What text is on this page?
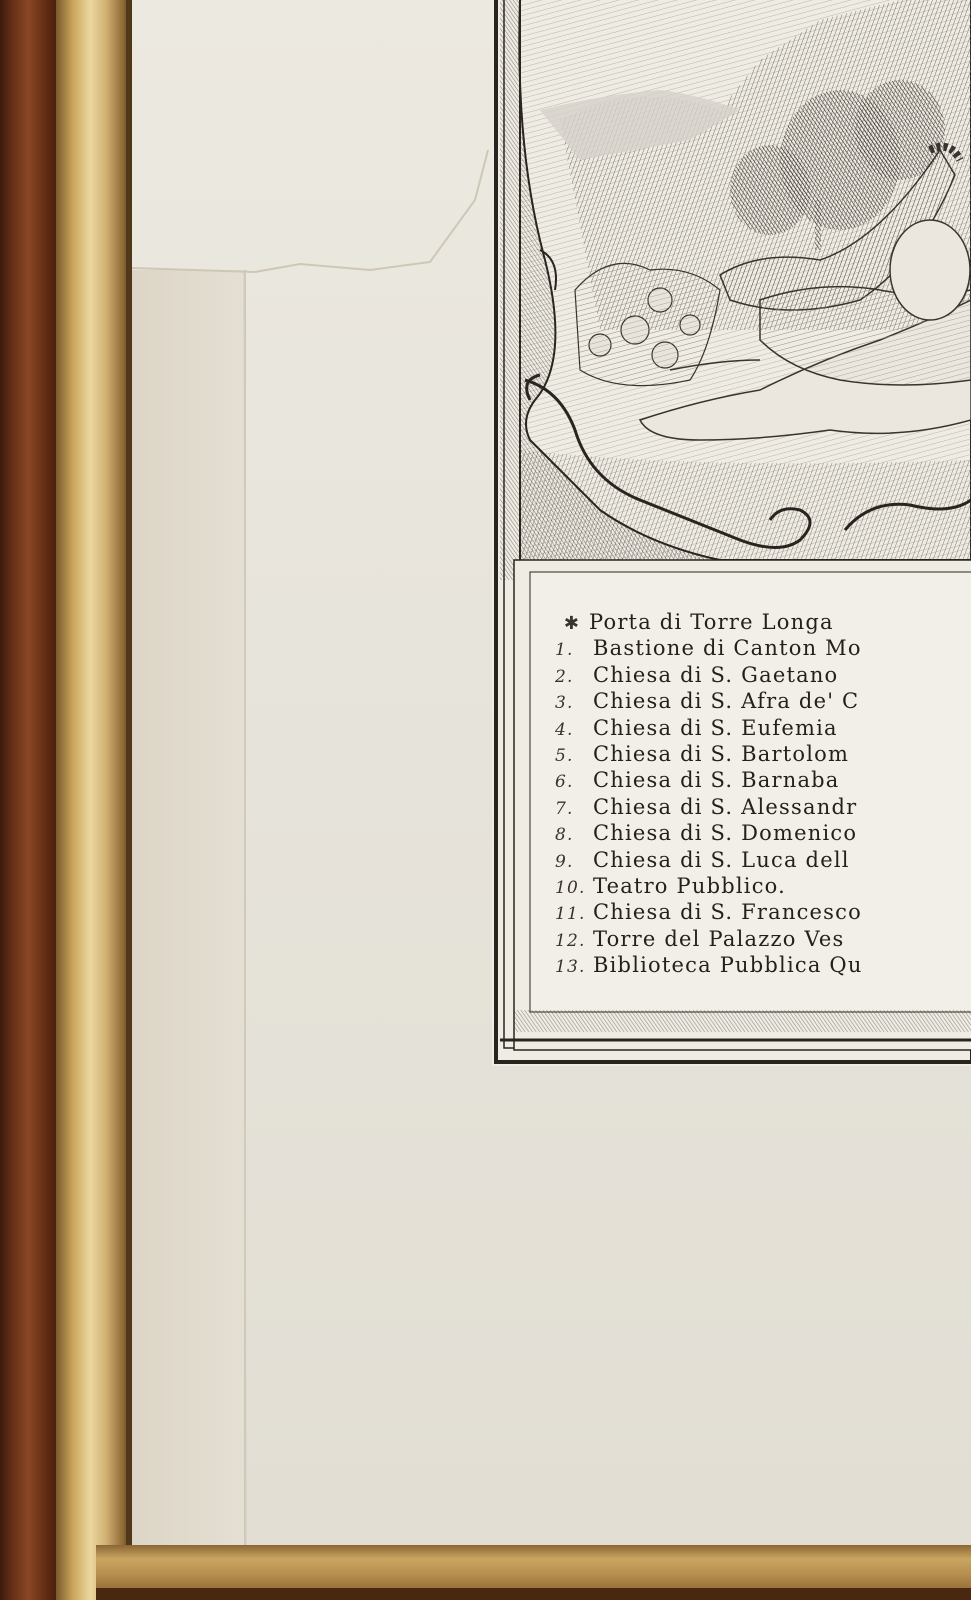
✱ Porta di Torre Longa
1. Bastione di Canton Mo
2. Chiesa di S. Gaetano
3. Chiesa di S. Afra de' C
4. Chiesa di S. Eufemia
5. Chiesa di S. Bartolom
6. Chiesa di S. Barnaba
7. Chiesa di S. Alessandr
8. Chiesa di S. Domenico
9. Chiesa di S. Luca dell
10. Teatro Pubblico.
11. Chiesa di S. Francesco
12. Torre del Palazzo Ves
13. Biblioteca Pubblica Qu
